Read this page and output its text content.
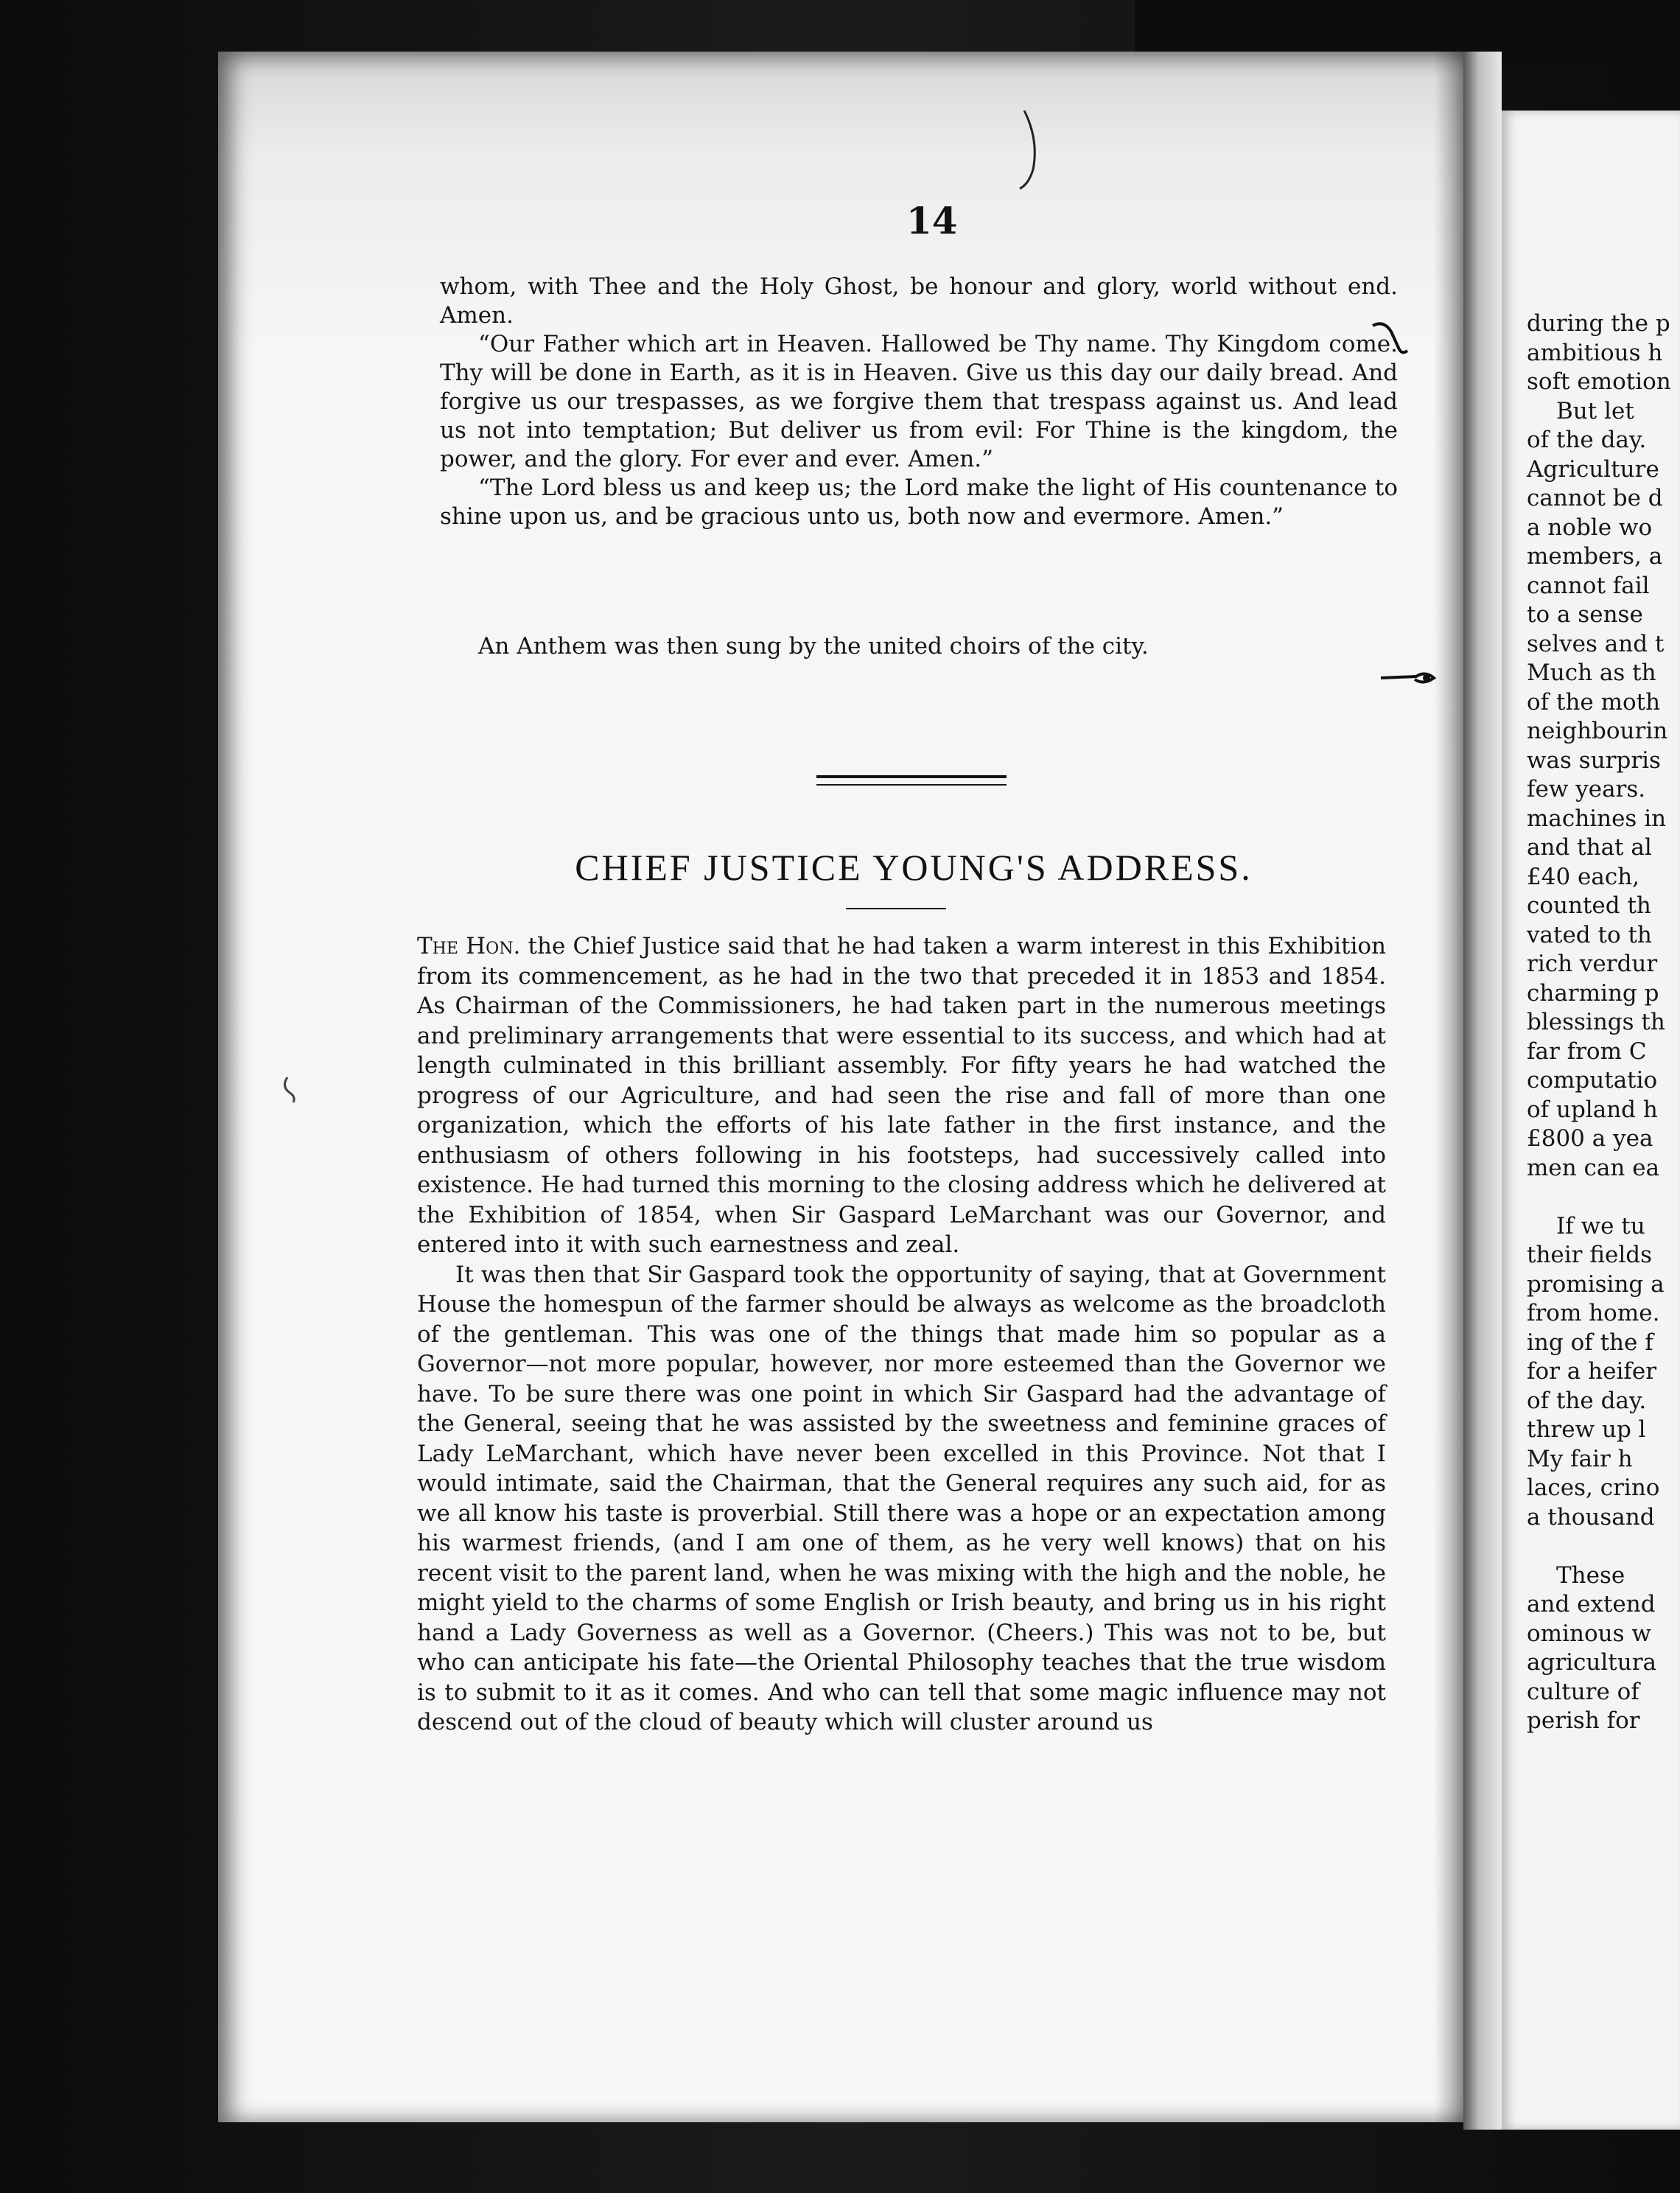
14

whom, with Thee and the Holy Ghost, be honour and glory, world without end. Amen.

“Our Father which art in Heaven. Hallowed be Thy name. Thy Kingdom come. Thy will be done in Earth, as it is in Heaven. Give us this day our daily bread. And forgive us our trespasses, as we forgive them that trespass against us. And lead us not into temptation; But deliver us from evil: For Thine is the kingdom, the power, and the glory. For ever and ever. Amen.”

“The Lord bless us and keep us; the Lord make the light of His countenance to shine upon us, and be gracious unto us, both now and evermore. Amen.”

An Anthem was then sung by the united choirs of the city.

CHIEF JUSTICE YOUNG'S ADDRESS.

The Hon. the Chief Justice said that he had taken a warm interest in this Exhibition from its commencement, as he had in the two that preceded it in 1853 and 1854. As Chairman of the Commissioners, he had taken part in the numerous meetings and preliminary arrangements that were essential to its success, and which had at length culminated in this brilliant assembly. For fifty years he had watched the progress of our Agriculture, and had seen the rise and fall of more than one organization, which the efforts of his late father in the first instance, and the enthusiasm of others following in his footsteps, had successively called into existence. He had turned this morning to the closing address which he delivered at the Exhibition of 1854, when Sir Gaspard LeMarchant was our Governor, and entered into it with such earnestness and zeal.

It was then that Sir Gaspard took the opportunity of saying, that at Government House the homespun of the farmer should be always as welcome as the broadcloth of the gentleman. This was one of the things that made him so popular as a Governor—not more popular, however, nor more esteemed than the Governor we have. To be sure there was one point in which Sir Gaspard had the advantage of the General, seeing that he was assisted by the sweetness and feminine graces of Lady LeMarchant, which have never been excelled in this Province. Not that I would intimate, said the Chairman, that the General requires any such aid, for as we all know his taste is proverbial. Still there was a hope or an expectation among his warmest friends, (and I am one of them, as he very well knows) that on his recent visit to the parent land, when he was mixing with the high and the noble, he might yield to the charms of some English or Irish beauty, and bring us in his right hand a Lady Governess as well as a Governor. (Cheers.) This was not to be, but who can anticipate his fate—the Oriental Philosophy teaches that the true wisdom is to submit to it as it comes. And who can tell that some magic influence may not descend out of the cloud of beauty which will cluster around us

during the p
ambitious h
soft emotion
But let
of the day.
Agriculture
cannot be d
a noble wo
members, a
cannot fail
to a sense
selves and t
Much as th
of the moth
neighbourin
was surpris
few years.
machines in
and that al
£40 each,
counted th
vated to th
rich verdur
charming p
blessings th
far from C
computatio
of upland h
£800 a yea
men can ea
If we tu
their fields
promising a
from home.
ing of the f
for a heifer
of the day.
threw up l
My fair h
laces, crino
a thousand
These
and extend
ominous w
agricultura
culture of
perish for
